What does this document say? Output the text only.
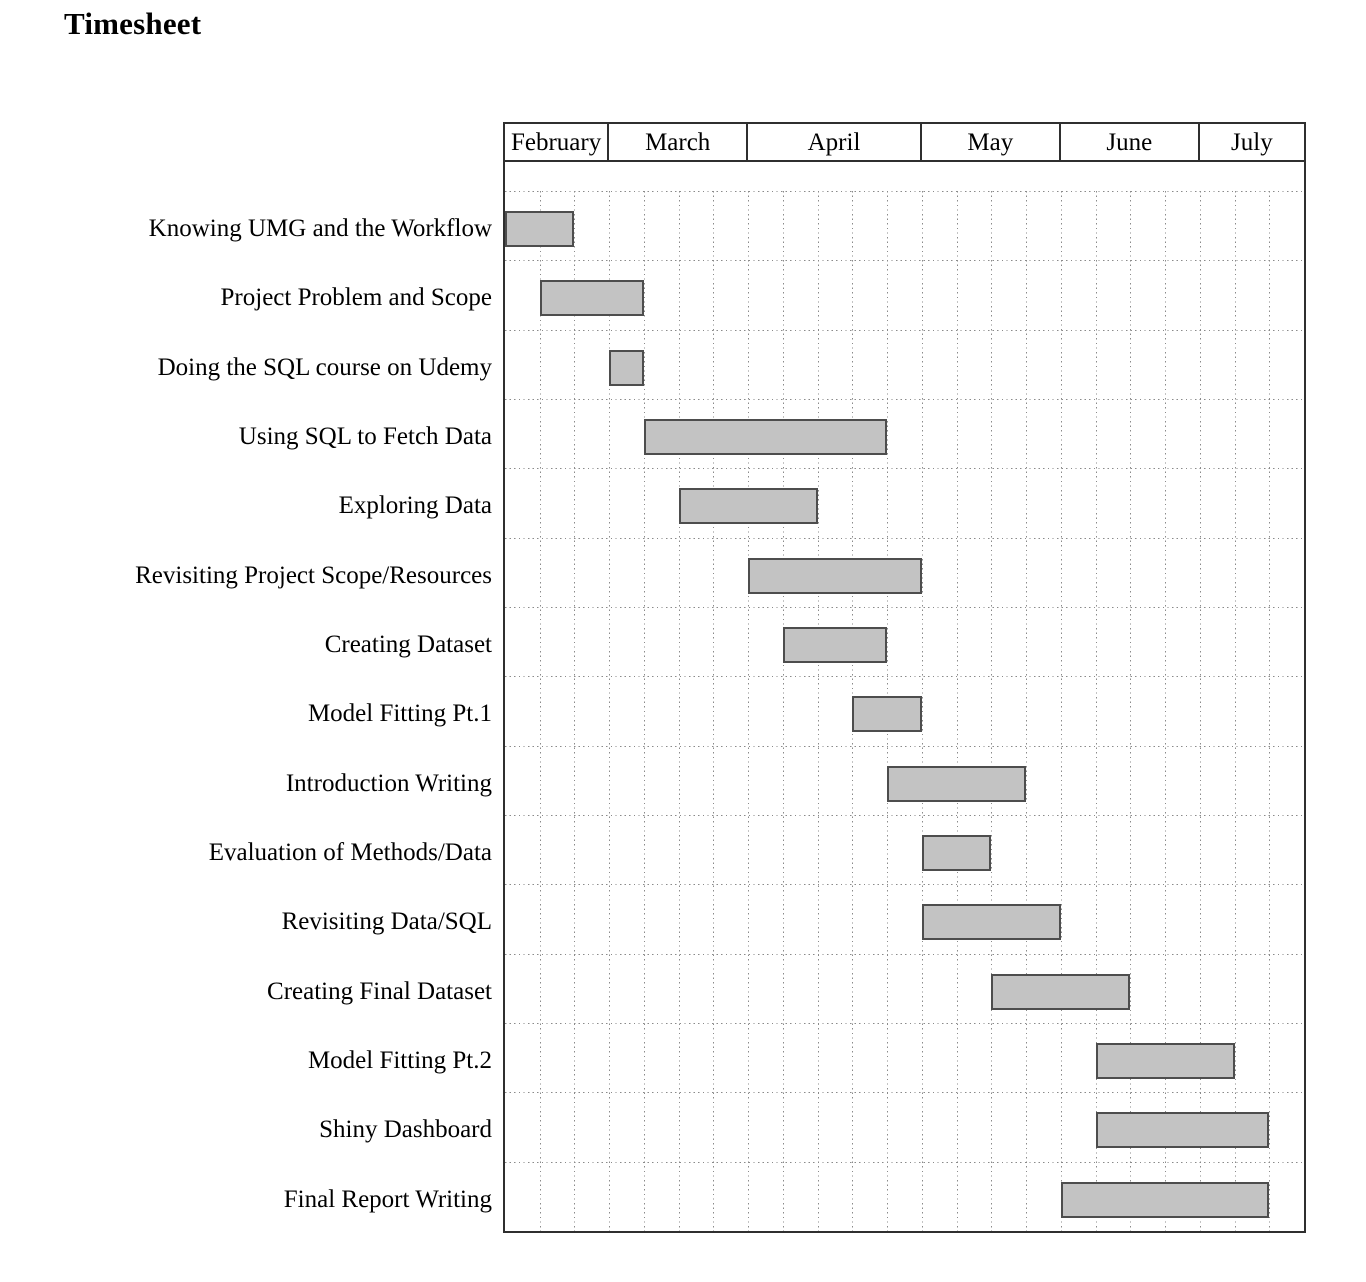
Timesheet
Knowing UMG and the Workflow
Project Problem and Scope
Doing the SQL course on Udemy
Using SQL to Fetch Data
Exploring Data
Revisiting Project Scope/Resources
Creating Dataset
Model Fitting Pt.1
Introduction Writing
Evaluation of Methods/Data
Revisiting Data/SQL
Creating Final Dataset
Model Fitting Pt.2
Shiny Dashboard
Final Report Writing
February	March	April	May	June	July
